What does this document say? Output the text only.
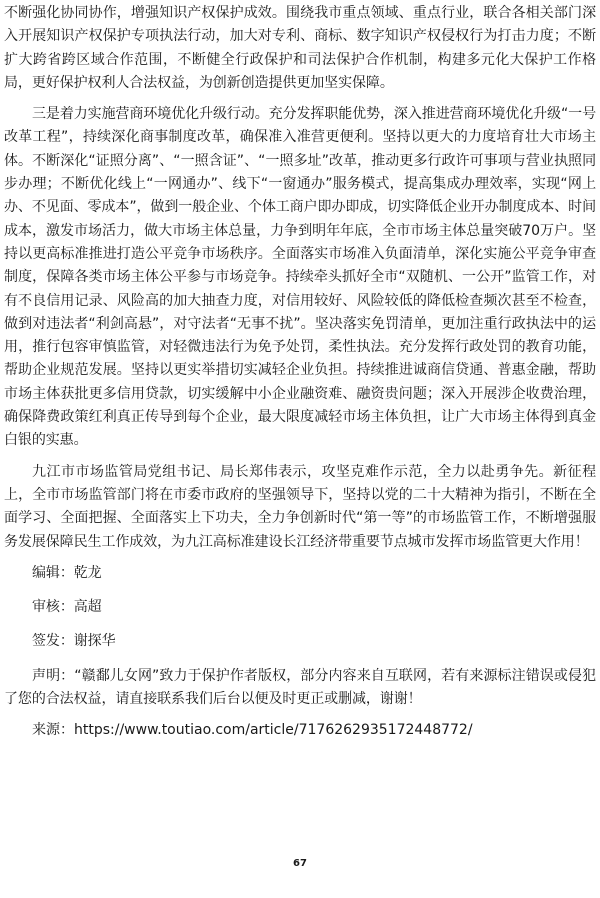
不断强化协同协作，增强知识产权保护成效。围绕我市重点领域、重点行业，联合各相关部门深入开展知识产权保护专项执法行动，加大对专利、商标、数字知识产权侵权行为打击力度；不断扩大跨省跨区域合作范围，不断健全行政保护和司法保护合作机制，构建多元化大保护工作格局，更好保护权利人合法权益，为创新创造提供更加坚实保障。

三是着力实施营商环境优化升级行动。充分发挥职能优势，深入推进营商环境优化升级“一号改革工程”，持续深化商事制度改革，确保准入准营更便利。坚持以更大的力度培育壮大市场主体。不断深化“证照分离”、“一照含证”、“一照多址”改革，推动更多行政许可事项与营业执照同步办理；不断优化线上“一网通办”、线下“一窗通办”服务模式，提高集成办理效率，实现“网上办、不见面、零成本”，做到一般企业、个体工商户即办即成，切实降低企业开办制度成本、时间成本，激发市场活力，做大市场主体总量，力争到明年年底，全市市场主体总量突破70万户。坚持以更高标准推进打造公平竞争市场秩序。全面落实市场准入负面清单，深化实施公平竞争审查制度，保障各类市场主体公平参与市场竞争。持续牵头抓好全市“双随机、一公开”监管工作，对有不良信用记录、风险高的加大抽查力度，对信用较好、风险较低的降低检查频次甚至不检查，做到对违法者“利剑高悬”，对守法者“无事不扰”。坚决落实免罚清单，更加注重行政执法中的运用，推行包容审慎监管，对轻微违法行为免予处罚，柔性执法。充分发挥行政处罚的教育功能，帮助企业规范发展。坚持以更实举措切实减轻企业负担。持续推进诚商信贷通、普惠金融，帮助市场主体获批更多信用贷款，切实缓解中小企业融资难、融资贵问题；深入开展涉企收费治理，确保降费政策红利真正传导到每个企业，最大限度减轻市场主体负担，让广大市场主体得到真金白银的实惠。

九江市市场监管局党组书记、局长郑伟表示，攻坚克难作示范，全力以赴勇争先。新征程上，全市市场监管部门将在市委市政府的坚强领导下，坚持以党的二十大精神为指引，不断在全面学习、全面把握、全面落实上下功夫，全力争创新时代“第一等”的市场监管工作，不断增强服务发展保障民生工作成效，为九江高标准建设长江经济带重要节点城市发挥市场监管更大作用！

编辑：乾龙

审核：高超

签发：谢探华

声明：“赣鄱儿女网”致力于保护作者版权，部分内容来自互联网，若有来源标注错误或侵犯了您的合法权益，请直接联系我们后台以便及时更正或删减，谢谢！

来源：https://www.toutiao.com/article/7176262935172448772/

67
